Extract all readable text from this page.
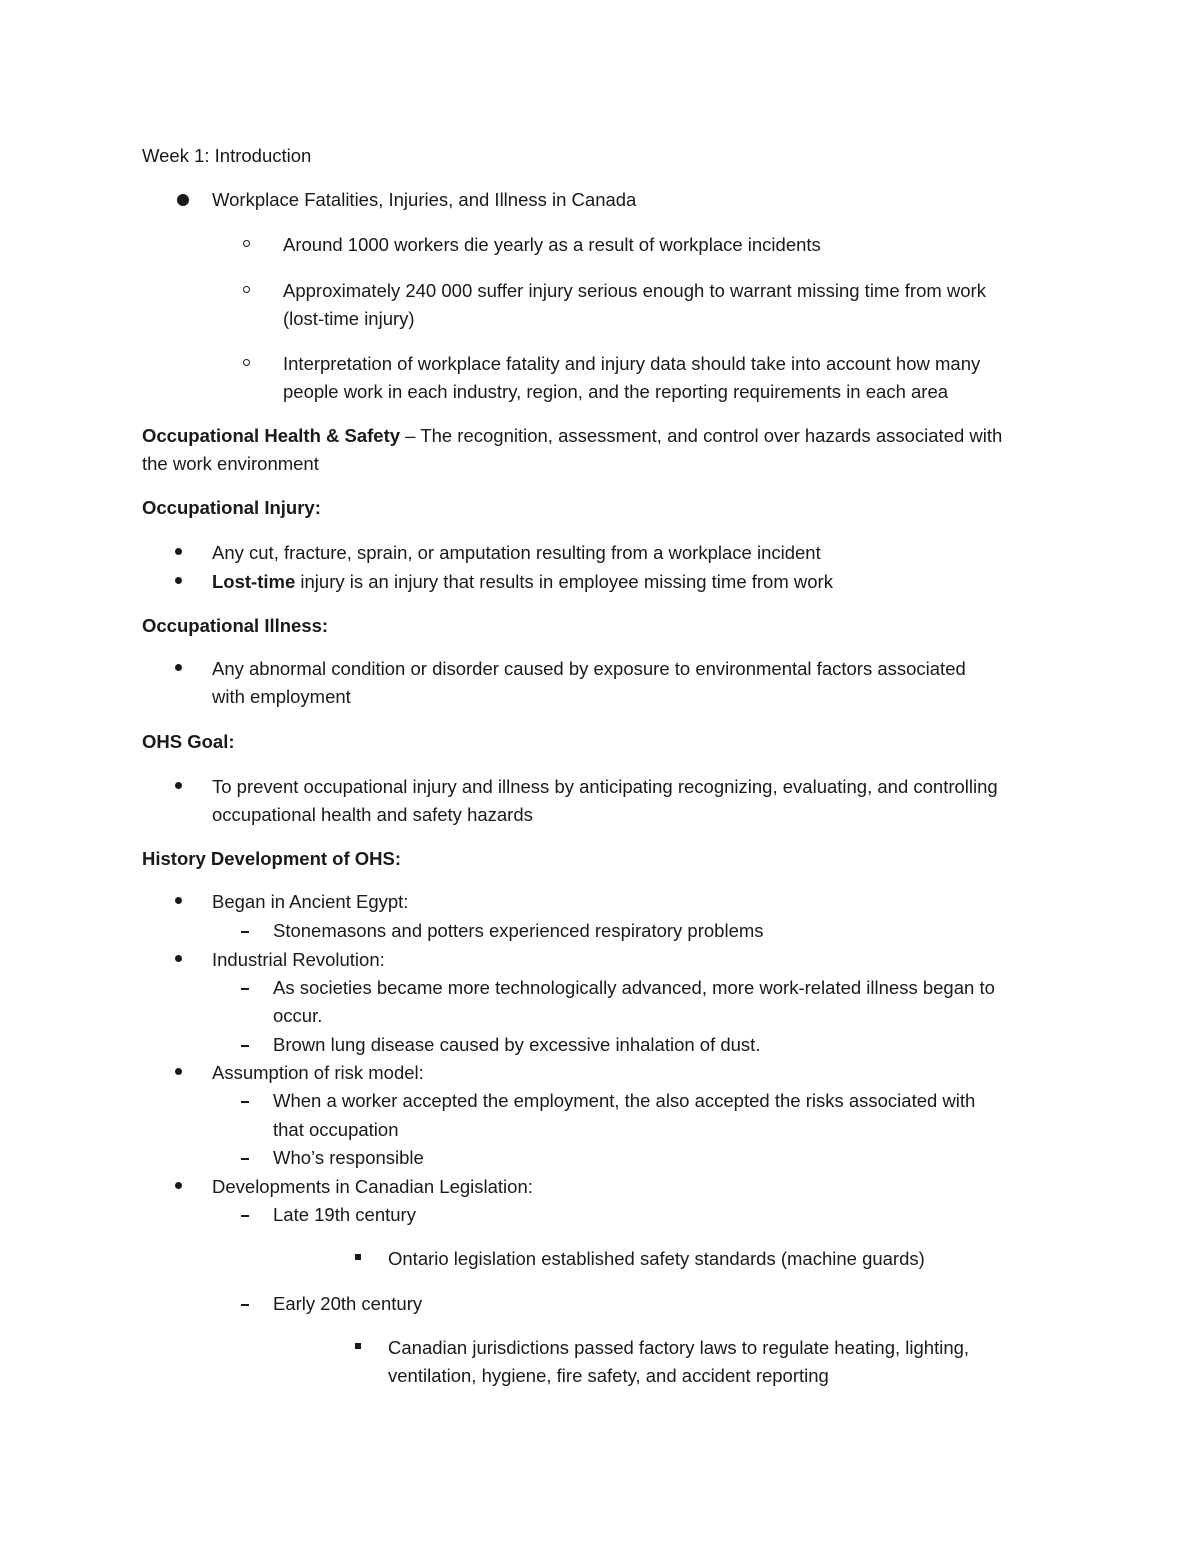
Week 1: Introduction
Workplace Fatalities, Injuries, and Illness in Canada
Around 1000 workers die yearly as a result of workplace incidents
Approximately 240 000 suffer injury serious enough to warrant missing time from work
(lost-time injury)
Interpretation of workplace fatality and injury data should take into account how many
people work in each industry, region, and the reporting requirements in each area
Occupational Health & Safety – The recognition, assessment, and control over hazards associated with
the work environment
Occupational Injury:
Any cut, fracture, sprain, or amputation resulting from a workplace incident
Lost-time injury is an injury that results in employee missing time from work
Occupational Illness:
Any abnormal condition or disorder caused by exposure to environmental factors associated
with employment
OHS Goal:
To prevent occupational injury and illness by anticipating recognizing, evaluating, and controlling
occupational health and safety hazards
History Development of OHS:
Began in Ancient Egypt:
Stonemasons and potters experienced respiratory problems
Industrial Revolution:
As societies became more technologically advanced, more work-related illness began to
occur.
Brown lung disease caused by excessive inhalation of dust.
Assumption of risk model:
When a worker accepted the employment, the also accepted the risks associated with
that occupation
Who’s responsible
Developments in Canadian Legislation:
Late 19th century
Ontario legislation established safety standards (machine guards)
Early 20th century
Canadian jurisdictions passed factory laws to regulate heating, lighting,
ventilation, hygiene, fire safety, and accident reporting
